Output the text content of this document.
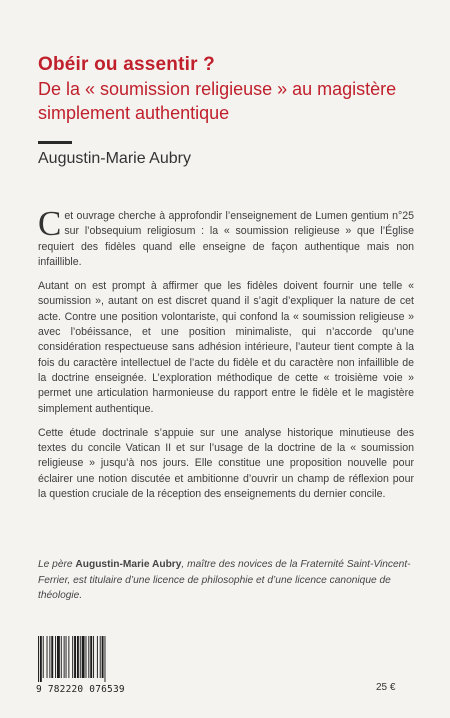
Obéir ou assentir ?
De la « soumission religieuse » au magistère simplement authentique
Augustin-Marie Aubry

Cet ouvrage cherche à approfondir l’enseignement de Lumen gentium n°25 sur l’obsequium religiosum : la « soumission religieuse » que l’Église requiert des fidèles quand elle enseigne de façon authentique mais non infaillible.

Autant on est prompt à affirmer que les fidèles doivent fournir une telle « soumission », autant on est discret quand il s’agit d’expliquer la nature de cet acte. Contre une position volontariste, qui confond la « soumission religieuse » avec l’obéissance, et une position minimaliste, qui n’accorde qu’une considération respectueuse sans adhésion intérieure, l’auteur tient compte à la fois du caractère intellectuel de l’acte du fidèle et du caractère non infaillible de la doctrine enseignée. L’exploration méthodique de cette « troisième voie » permet une articulation harmonieuse du rapport entre le fidèle et le magistère simplement authentique.

Cette étude doctrinale s’appuie sur une analyse historique minutieuse des textes du concile Vatican II et sur l’usage de la doctrine de la « soumission religieuse » jusqu’à nos jours. Elle constitue une proposition nouvelle pour éclairer une notion discutée et ambitionne d’ouvrir un champ de réflexion pour la question cruciale de la réception des enseignements du dernier concile.

Le père Augustin-Marie Aubry, maître des novices de la Fraternité Saint-Vincent-Ferrier, est titulaire d’une licence de philosophie et d’une licence canonique de théologie.
9 782220 076539	25 €
